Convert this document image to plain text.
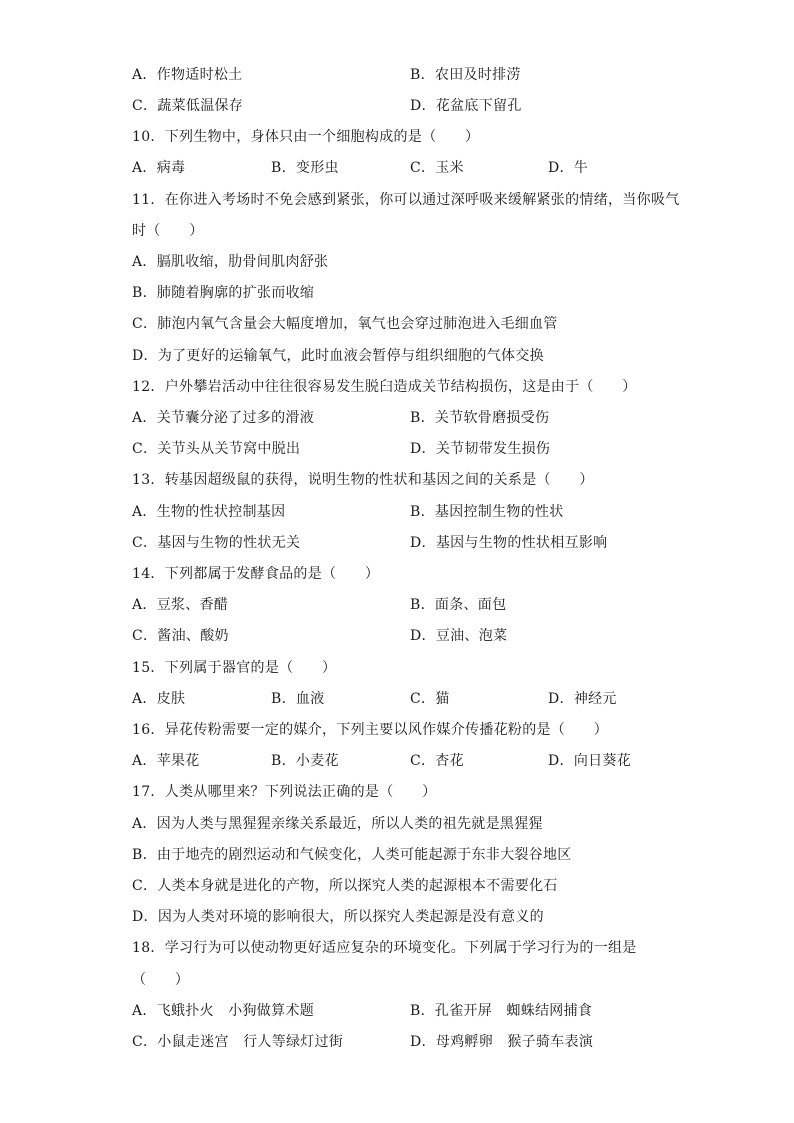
A．作物适时松土	B．农田及时排涝
C．蔬菜低温保存	D．花盆底下留孔
10．下列生物中，身体只由一个细胞构成的是（　　）
A．病毒	B．变形虫	C．玉米	D．牛
11．在你进入考场时不免会感到紧张，你可以通过深呼吸来缓解紧张的情绪，当你吸气
时（　　）
A．膈肌收缩，肋骨间肌肉舒张
B．肺随着胸廓的扩张而收缩
C．肺泡内氧气含量会大幅度增加，氧气也会穿过肺泡进入毛细血管
D．为了更好的运输氧气，此时血液会暂停与组织细胞的气体交换
12．户外攀岩活动中往往很容易发生脱臼造成关节结构损伤，这是由于（　　）
A．关节囊分泌了过多的滑液	B．关节软骨磨损受伤
C．关节头从关节窝中脱出	D．关节韧带发生损伤
13．转基因超级鼠的获得，说明生物的性状和基因之间的关系是（　　）
A．生物的性状控制基因	B．基因控制生物的性状
C．基因与生物的性状无关	D．基因与生物的性状相互影响
14．下列都属于发酵食品的是（　　）
A．豆浆、香醋	B．面条、面包
C．酱油、酸奶	D．豆油、泡菜
15．下列属于器官的是（　　）
A．皮肤	B．血液	C．猫	D．神经元
16．异花传粉需要一定的媒介，下列主要以风作媒介传播花粉的是（　　）
A．苹果花	B．小麦花	C．杏花	D．向日葵花
17．人类从哪里来？下列说法正确的是（　　）
A．因为人类与黑猩猩亲缘关系最近，所以人类的祖先就是黑猩猩
B．由于地壳的剧烈运动和气候变化，人类可能起源于东非大裂谷地区
C．人类本身就是进化的产物，所以探究人类的起源根本不需要化石
D．因为人类对环境的影响很大，所以探究人类起源是没有意义的
18．学习行为可以使动物更好适应复杂的环境变化。下列属于学习行为的一组是
（　　）
A．飞蛾扑火　小狗做算术题	B．孔雀开屏　蜘蛛结网捕食
C．小鼠走迷宫　行人等绿灯过街	D．母鸡孵卵　猴子骑车表演
